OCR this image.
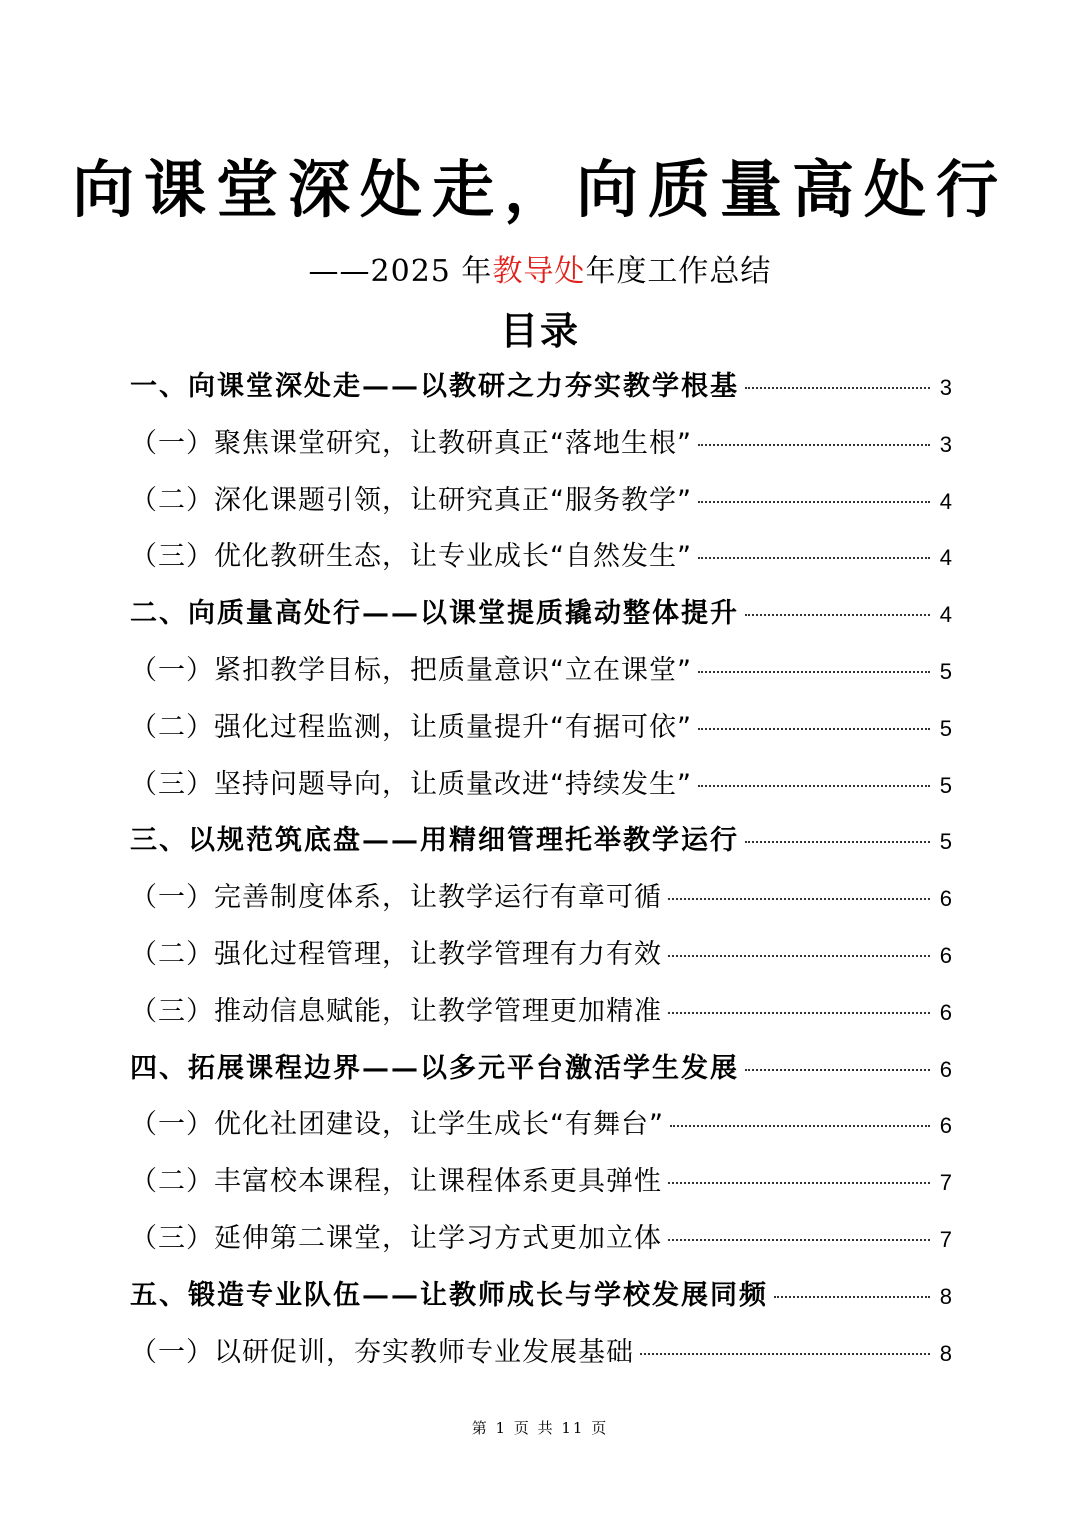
向课堂深处走，向质量高处行
——2025 年教导处年度工作总结
目录
一、向课堂深处走——以教研之力夯实教学根基	3
（一）聚焦课堂研究，让教研真正“落地生根”	3
（二）深化课题引领，让研究真正“服务教学”	4
（三）优化教研生态，让专业成长“自然发生”	4
二、向质量高处行——以课堂提质撬动整体提升	4
（一）紧扣教学目标，把质量意识“立在课堂”	5
（二）强化过程监测，让质量提升“有据可依”	5
（三）坚持问题导向，让质量改进“持续发生”	5
三、以规范筑底盘——用精细管理托举教学运行	5
（一）完善制度体系，让教学运行有章可循	6
（二）强化过程管理，让教学管理有力有效	6
（三）推动信息赋能，让教学管理更加精准	6
四、拓展课程边界——以多元平台激活学生发展	6
（一）优化社团建设，让学生成长“有舞台”	6
（二）丰富校本课程，让课程体系更具弹性	7
（三）延伸第二课堂，让学习方式更加立体	7
五、锻造专业队伍——让教师成长与学校发展同频	8
（一）以研促训，夯实教师专业发展基础	8
第 1 页 共 11 页
